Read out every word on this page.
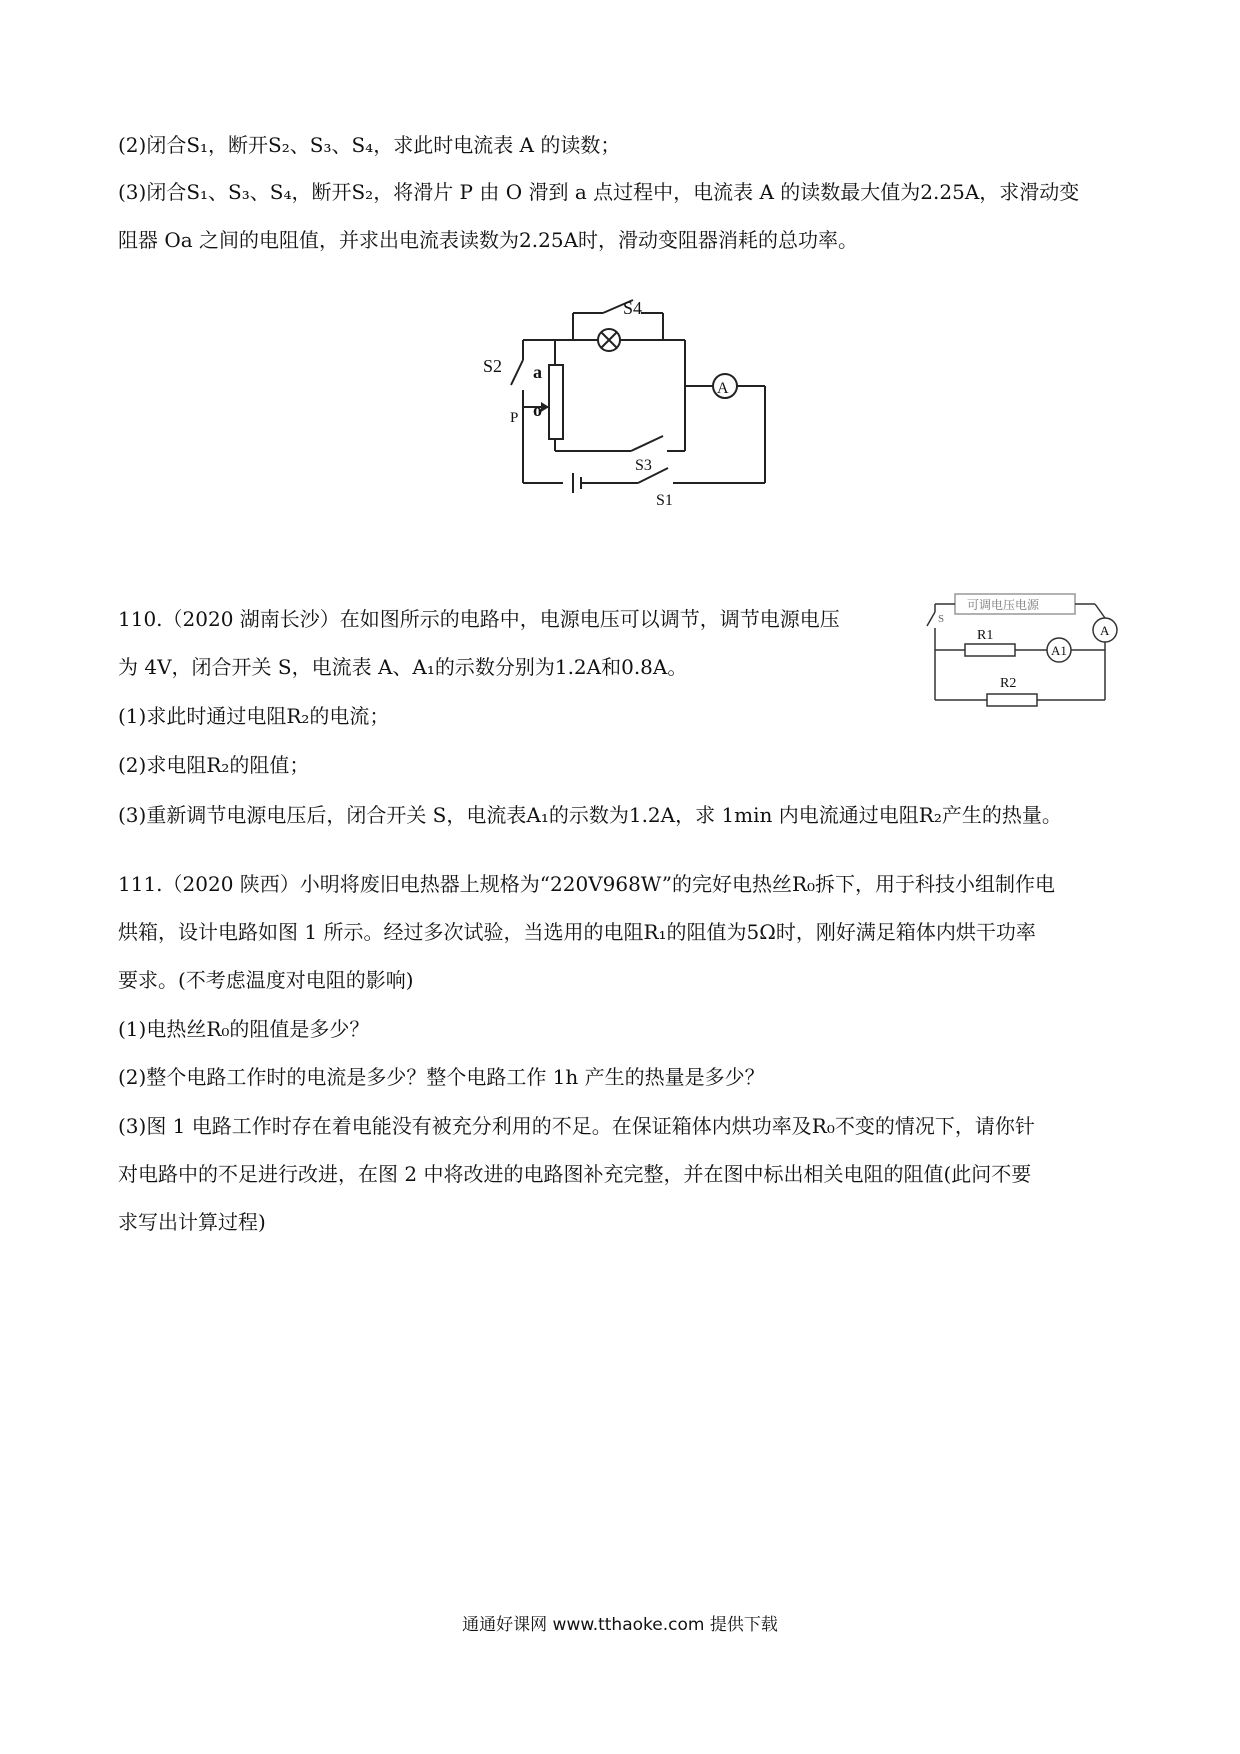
(2)闭合S₁，断开S₂、S₃、S₄，求此时电流表 A 的读数；
(3)闭合S₁、S₃、S₄，断开S₂，将滑片 P 由 O 滑到 a 点过程中，电流表 A 的读数最大值为2.25A，求滑动变
阻器 Oa 之间的电阻值，并求出电流表读数为2.25A时，滑动变阻器消耗的总功率。
S4
S2 a
o
P
A
S3
S1
110.（2020 湖南长沙）在如图所示的电路中，电源电压可以调节，调节电源电压
为 4V，闭合开关 S，电流表 A、A₁的示数分别为1.2A和0.8A。
(1)求此时通过电阻R₂的电流；
(2)求电阻R₂的阻值；
(3)重新调节电源电压后，闭合开关 S，电流表A₁的示数为1.2A，求 1min 内电流通过电阻R₂产生的热量。
可调电压电源
S
R1
R2
A
A1
111.（2020 陕西）小明将废旧电热器上规格为“220V968W”的完好电热丝R₀拆下，用于科技小组制作电
烘箱，设计电路如图 1 所示。经过多次试验，当选用的电阻R₁的阻值为5Ω时，刚好满足箱体内烘干功率
要求。(不考虑温度对电阻的影响)
(1)电热丝R₀的阻值是多少？
(2)整个电路工作时的电流是多少？整个电路工作 1h 产生的热量是多少？
(3)图 1 电路工作时存在着电能没有被充分利用的不足。在保证箱体内烘功率及R₀不变的情况下，请你针
对电路中的不足进行改进，在图 2 中将改进的电路图补充完整，并在图中标出相关电阻的阻值(此问不要
求写出计算过程)
通通好课网 www.tthaoke.com 提供下载
